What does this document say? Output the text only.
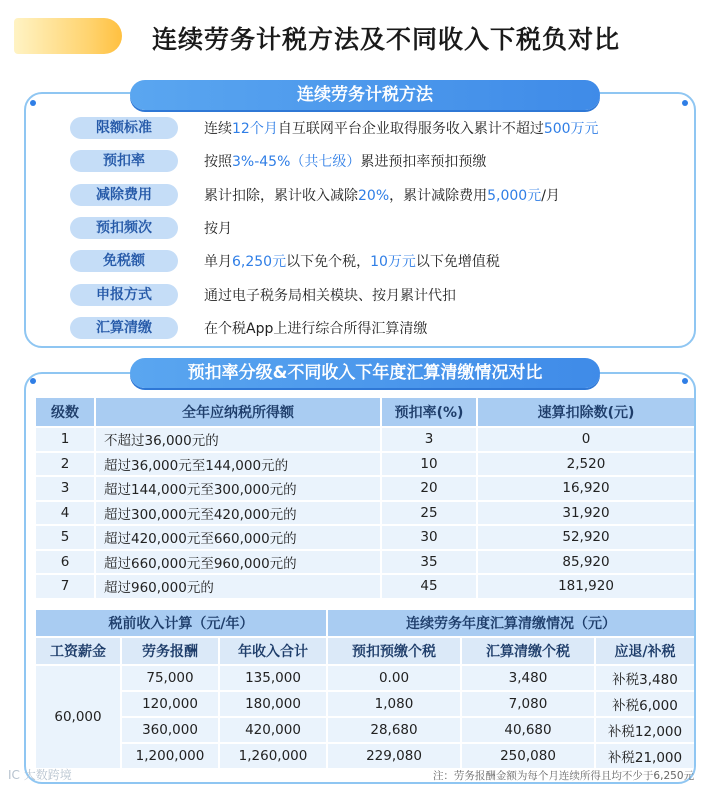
连续劳务计税方法及不同收入下税负对比
连续劳务计税方法
限额标准	连续12个月自互联网平台企业取得服务收入累计不超过500万元
预扣率	按照3%-45%（共七级）累进预扣率预扣预缴
减除费用	累计扣除，累计收入减除20%，累计减除费用5,000元/月
预扣频次	按月
免税额	单月6,250元以下免个税，10万元以下免增值税
申报方式	通过电子税务局相关模块、按月累计代扣
汇算清缴	在个税App上进行综合所得汇算清缴
预扣率分级&不同收入下年度汇算清缴情况对比
级数	全年应纳税所得额	预扣率(%)	速算扣除数(元)
1	不超过36,000元的	3	0
2	超过36,000元至144,000元的	10	2,520
3	超过144,000元至300,000元的	20	16,920
4	超过300,000元至420,000元的	25	31,920
5	超过420,000元至660,000元的	30	52,920
6	超过660,000元至960,000元的	35	85,920
7	超过960,000元的	45	181,920
税前收入计算（元/年）			连续劳务年度汇算清缴情况（元）		
工资薪金	劳务报酬	年收入合计	预扣预缴个税	汇算清缴个税	应退/补税
60,000	75,000	135,000	0.00	3,480	补税3,480
	120,000	180,000	1,080	7,080	补税6,000
	360,000	420,000	28,680	40,680	补税12,000
	1,200,000	1,260,000	229,080	250,080	补税21,000
IC 大数跨境	注：劳务报酬金额为每个月连续所得且均不少于6,250元
